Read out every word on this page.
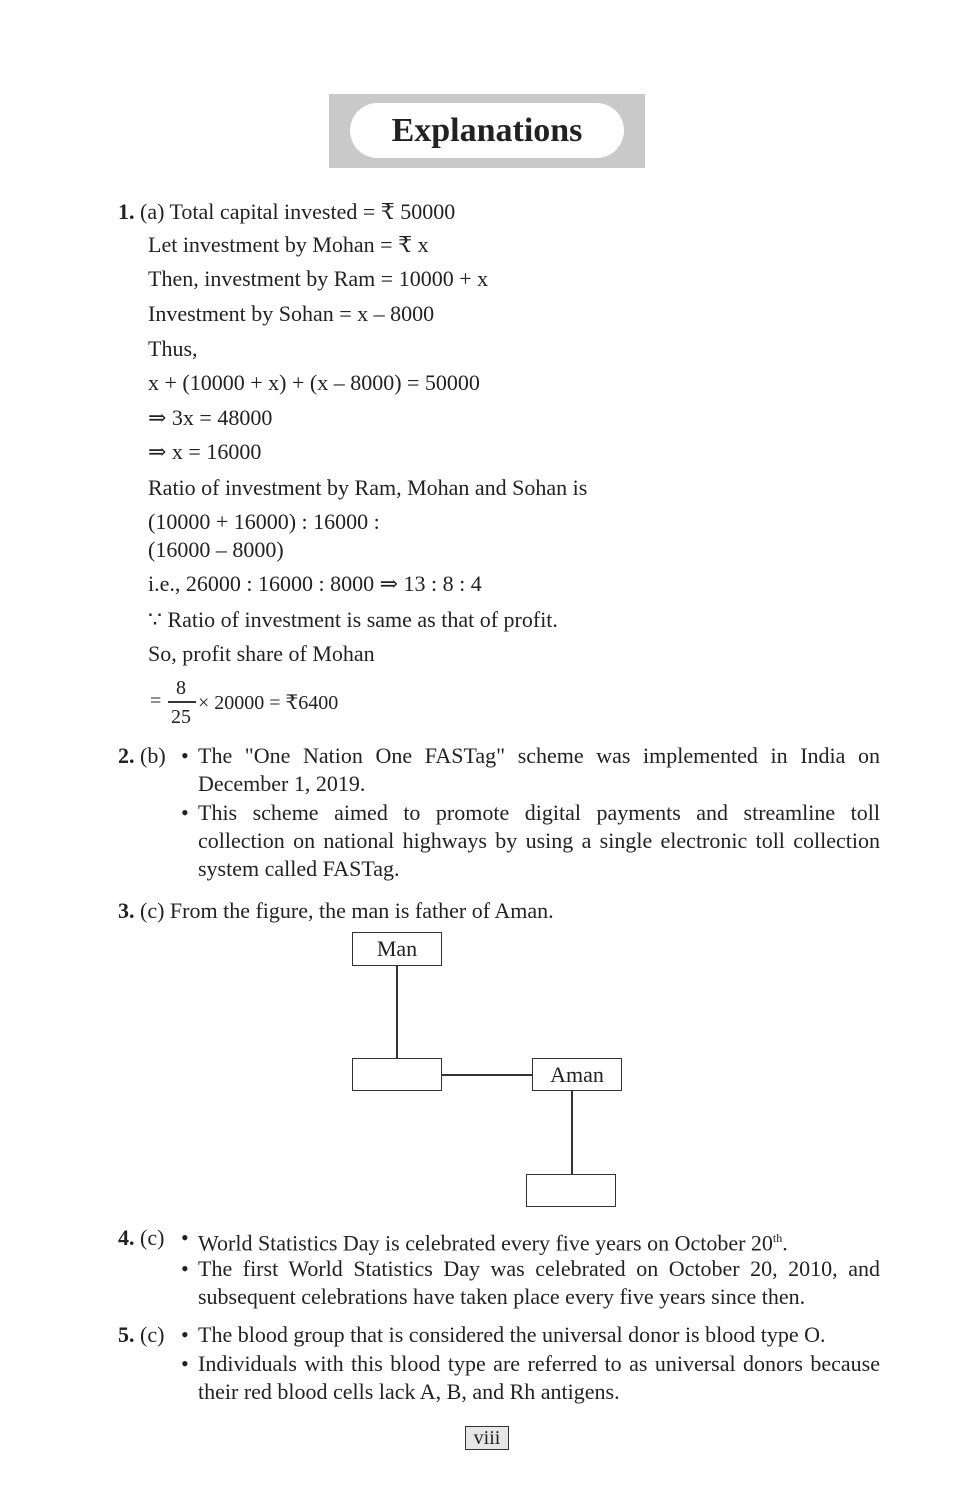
Explanations
1. (a) Total capital invested = ₹ 50000
Let investment by Mohan = ₹ x
Then, investment by Ram = 10000 + x
Investment by Sohan = x – 8000
Thus,
x + (10000 + x) + (x – 8000) = 50000
⇒ 3x = 48000
⇒ x = 16000
Ratio of investment by Ram, Mohan and Sohan is
(10000 + 16000) : 16000 :
(16000 – 8000)
i.e., 26000 : 16000 : 8000 ⇒ 13 : 8 : 4
∵ Ratio of investment is same as that of profit.
So, profit share of Mohan
=
8
25
× 20000 = ₹6400
2. (b) • The "One Nation One FASTag" scheme was implemented in India on December 1, 2019.
• This scheme aimed to promote digital payments and streamline toll collection on national highways by using a single electronic toll collection system called FASTag.
3. (c) From the figure, the man is father of Aman.
Man
Aman
4. (c) • World Statistics Day is celebrated every five years on October 20th.
• The first World Statistics Day was celebrated on October 20, 2010, and subsequent celebrations have taken place every five years since then.
5. (c) • The blood group that is considered the universal donor is blood type O.
• Individuals with this blood type are referred to as universal donors because their red blood cells lack A, B, and Rh antigens.
viii
